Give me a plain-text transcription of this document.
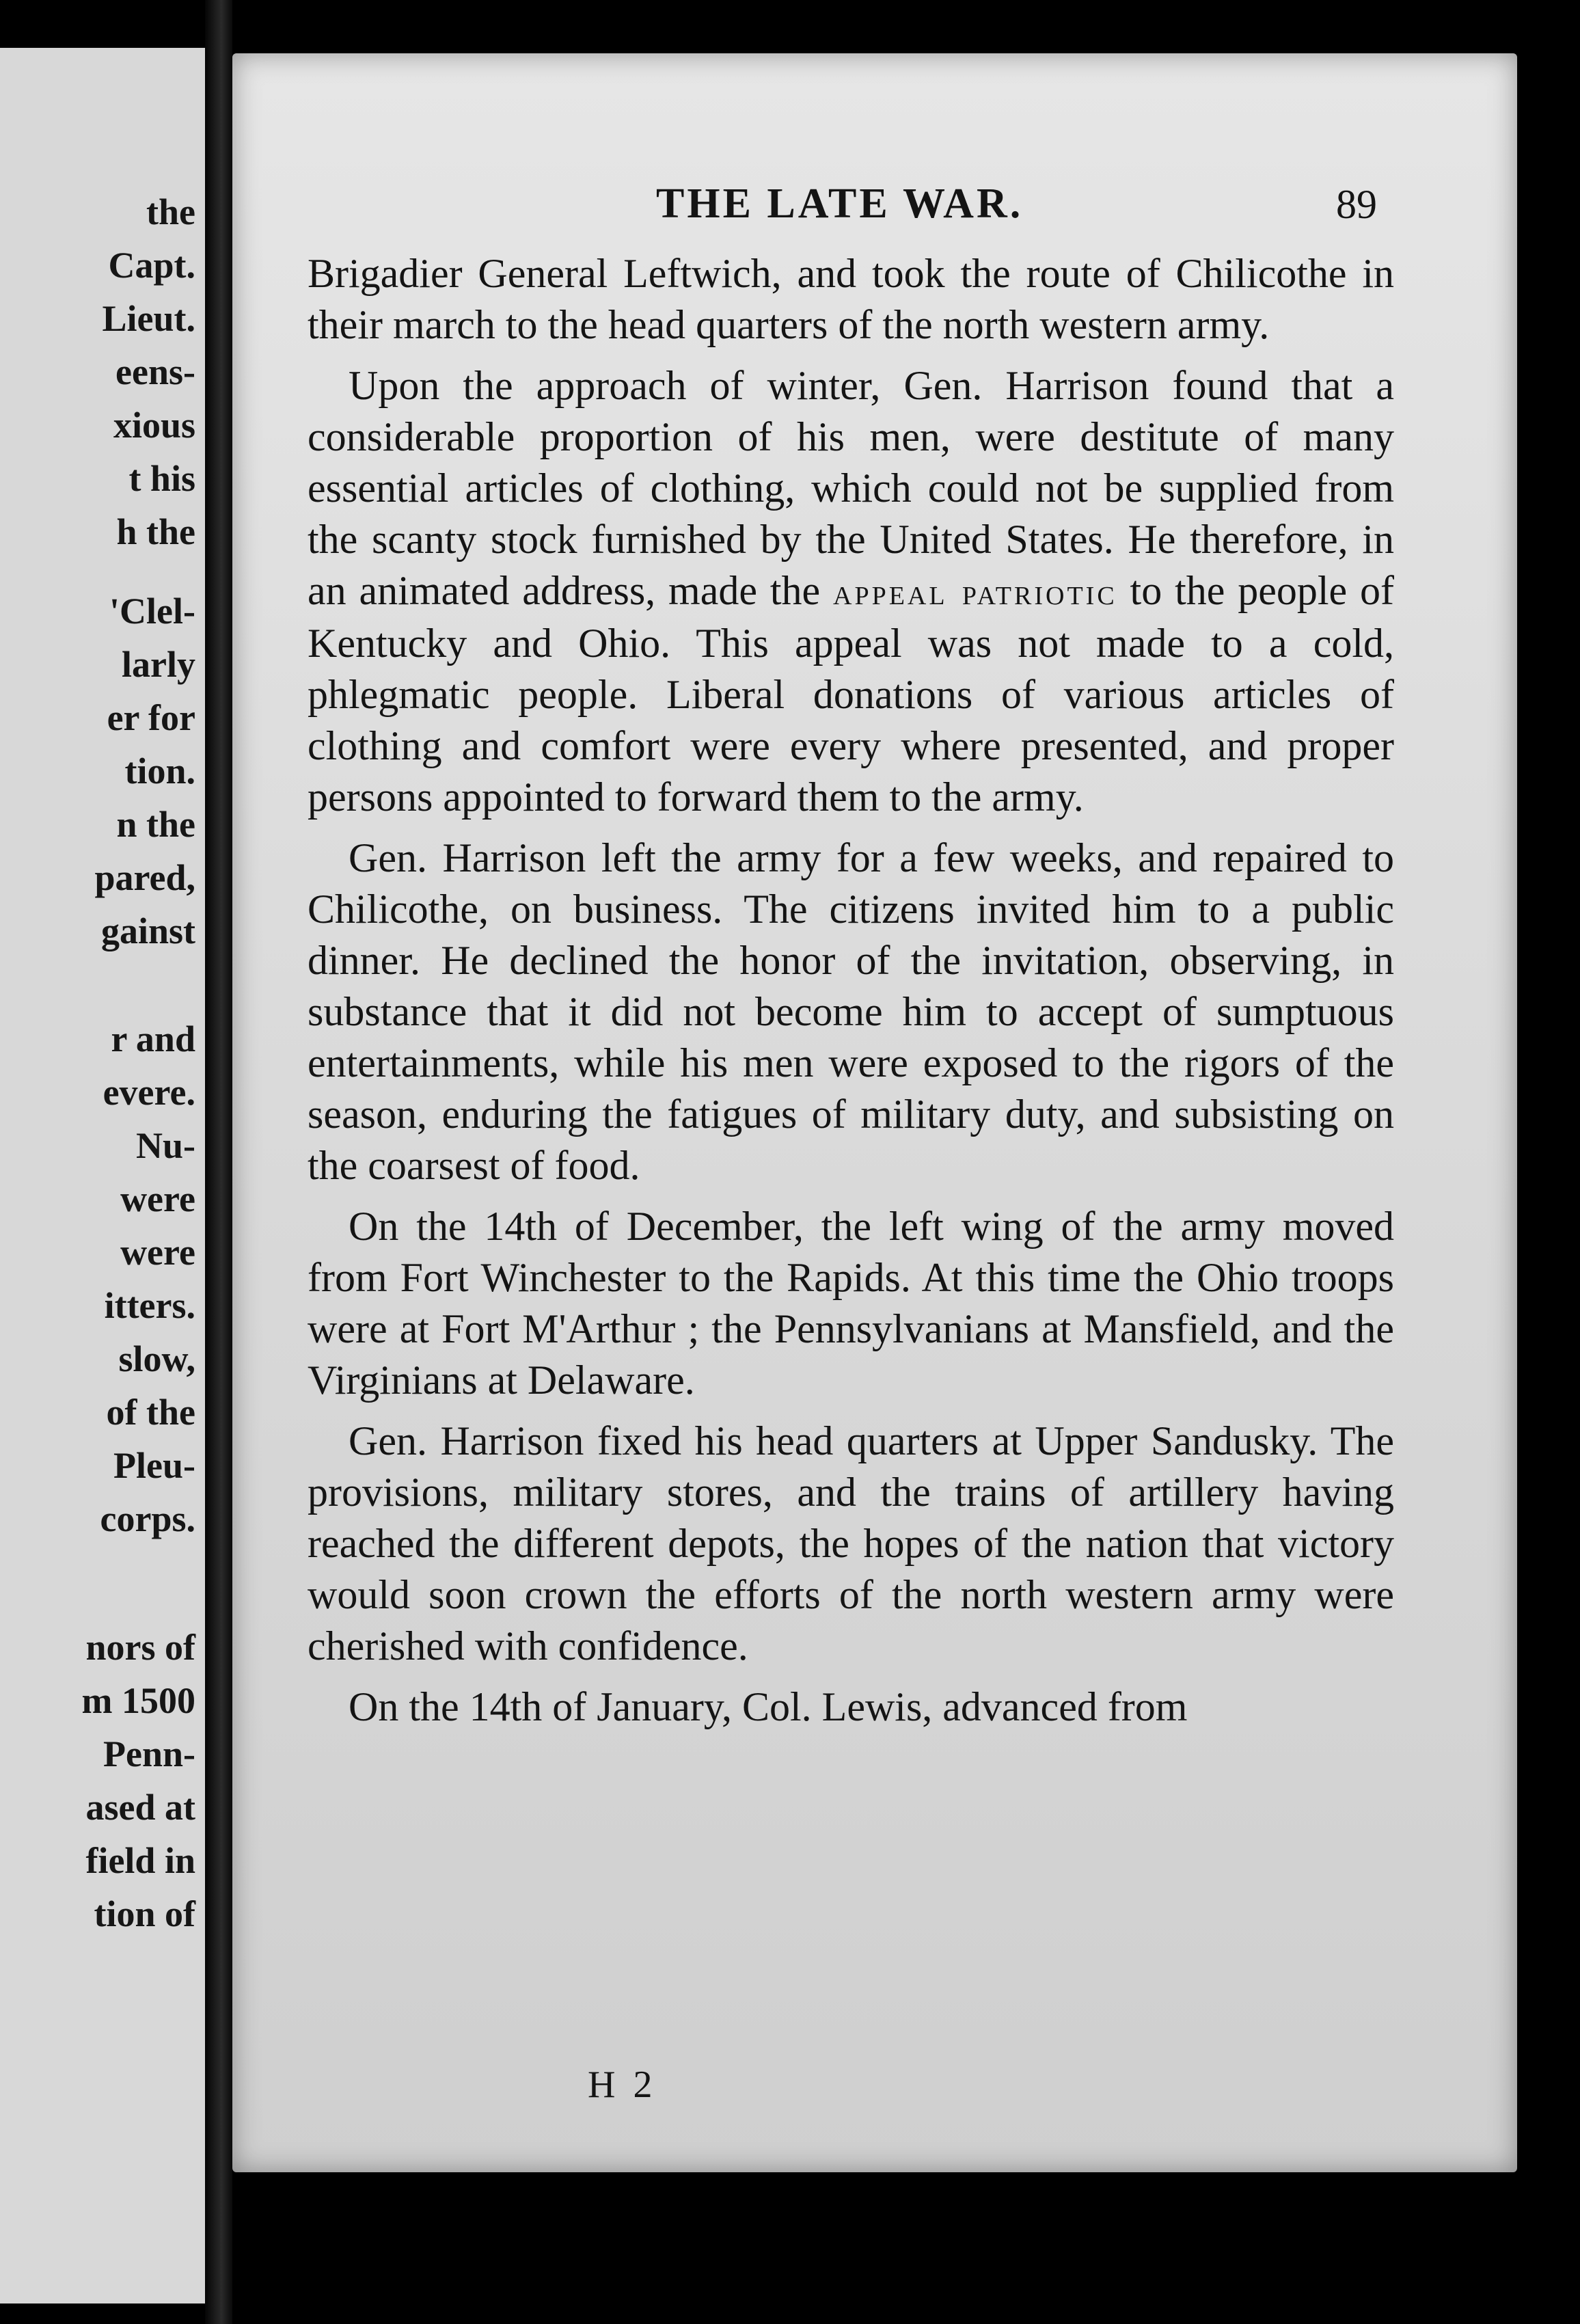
the
Capt.
Lieut.
eens-
xious
t his
h the
'Clel-
larly
er for
tion.
n the
pared,
gainst
r and
evere.
Nu-
were
were
itters.
slow,
of the
Pleu-
corps.
nors of
m 1500
Penn-
ased at
field in
tion of
THE LATE WAR.	89

Brigadier General Leftwich, and took the route of Chilicothe in their march to the head quarters of the north western army.

Upon the approach of winter, Gen. Harrison found that a considerable proportion of his men, were destitute of many essential articles of clothing, which could not be supplied from the scanty stock furnished by the United States. He therefore, in an animated address, made the appeal patriotic to the people of Kentucky and Ohio. This appeal was not made to a cold, phlegmatic people. Liberal donations of various articles of clothing and comfort were every where presented, and proper persons appointed to forward them to the army.

Gen. Harrison left the army for a few weeks, and repaired to Chilicothe, on business. The citizens invited him to a public dinner. He declined the honor of the invitation, observing, in substance that it did not become him to accept of sumptuous entertainments, while his men were exposed to the rigors of the season, enduring the fatigues of military duty, and subsisting on the coarsest of food.

On the 14th of December, the left wing of the army moved from Fort Winchester to the Rapids. At this time the Ohio troops were at Fort M'Arthur ; the Pennsylvanians at Mansfield, and the Virginians at Delaware.

Gen. Harrison fixed his head quarters at Upper Sandusky. The provisions, military stores, and the trains of artillery having reached the different depots, the hopes of the nation that victory would soon crown the efforts of the north western army were cherished with confidence.

On the 14th of January, Col. Lewis, advanced from

H 2
